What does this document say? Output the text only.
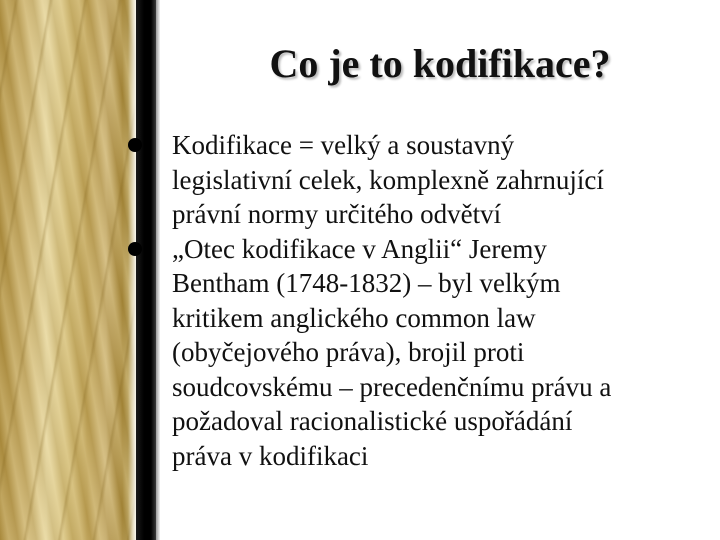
Co je to kodifikace?
Kodifikace = velký a soustavný
legislativní celek, komplexně zahrnující
právní normy určitého odvětví
„Otec kodifikace v Anglii“ Jeremy
Bentham (1748-1832) – byl velkým
kritikem anglického common law
(obyčejového práva), brojil proti
soudcovskému – precedenčnímu právu a
požadoval racionalistické uspořádání
práva v kodifikaci
